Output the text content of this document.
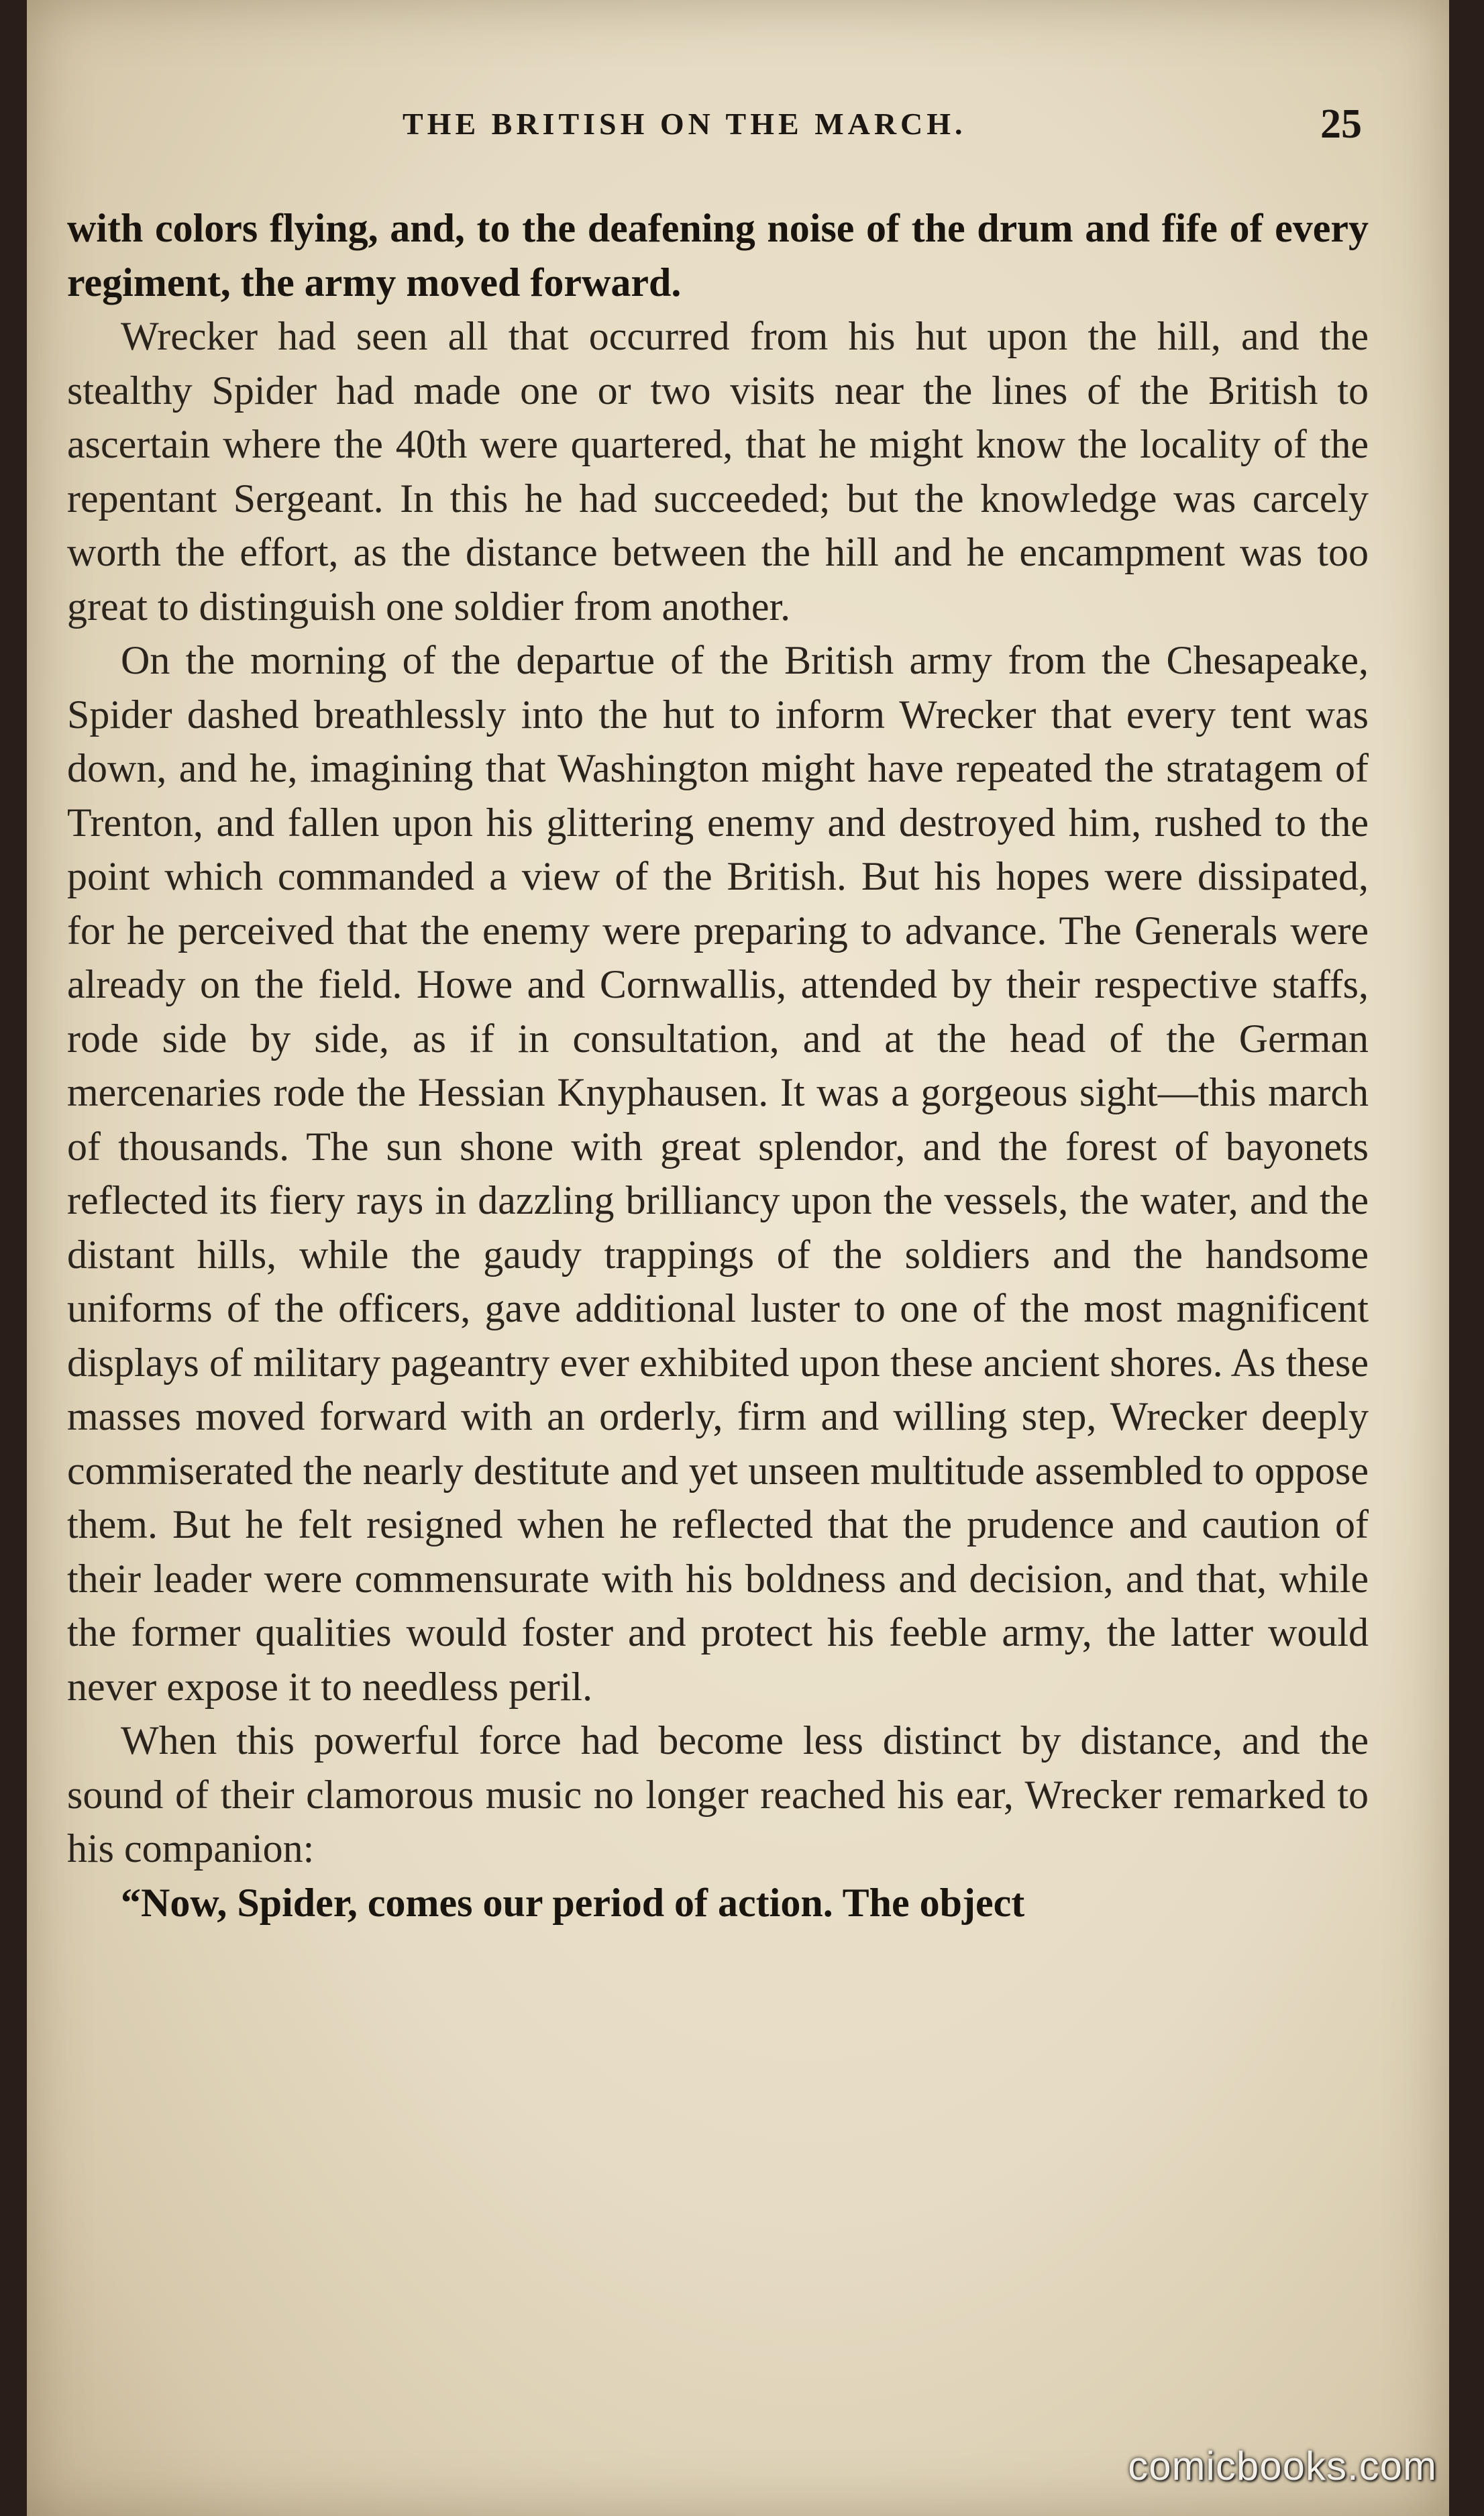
THE BRITISH ON THE MARCH.	25

with colors flying, and, to the deafening noise of the drum and fife of every regiment, the army moved forward.

Wrecker had seen all that occurred from his hut upon the hill, and the stealthy Spider had made one or two visits near the lines of the British to ascertain where the 40th were quartered, that he might know the locality of the repentant Sergeant. In this he had succeeded; but the knowledge was carcely worth the effort, as the distance between the hill and he encampment was too great to distinguish one soldier from another.

On the morning of the departue of the British army from the Chesapeake, Spider dashed breathlessly into the hut to inform Wrecker that every tent was down, and he, imagining that Washington might have repeated the stratagem of Trenton, and fallen upon his glittering enemy and destroyed him, rushed to the point which commanded a view of the British. But his hopes were dissipated, for he perceived that the enemy were preparing to advance. The Generals were already on the field. Howe and Cornwallis, attended by their respective staffs, rode side by side, as if in consultation, and at the head of the German mercenaries rode the Hessian Knyphausen. It was a gorgeous sight—this march of thousands. The sun shone with great splendor, and the forest of bayonets reflected its fiery rays in dazzling brilliancy upon the vessels, the water, and the distant hills, while the gaudy trappings of the soldiers and the handsome uniforms of the officers, gave additional luster to one of the most magnificent displays of military pageantry ever exhibited upon these ancient shores. As these masses moved forward with an orderly, firm and willing step, Wrecker deeply commiserated the nearly destitute and yet unseen multitude assembled to oppose them. But he felt resigned when he reflected that the prudence and caution of their leader were commensurate with his boldness and decision, and that, while the former qualities would foster and protect his feeble army, the latter would never expose it to needless peril.

When this powerful force had become less distinct by distance, and the sound of their clamorous music no longer reached his ear, Wrecker remarked to his companion:

“Now, Spider, comes our period of action. The object

comicbooks.com
